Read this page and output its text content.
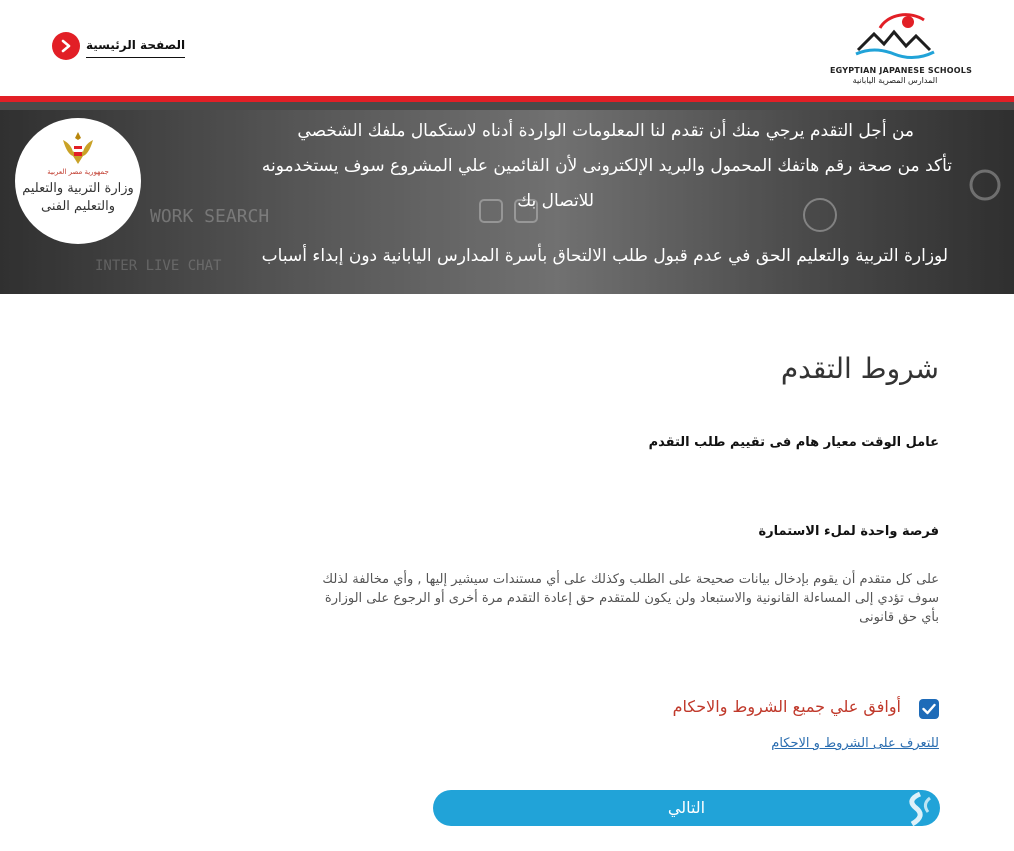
EGYPTIAN JAPANESE SCHOOLS
المدارس المصرية اليابانية
الصفحة الرئيسية
WORK SEARCH
INTER LIVE CHAT
من أجل التقدم يرجي منك أن تقدم لنا المعلومات الواردة أدناه لاستكمال ملفك الشخصي
تأكد من صحة رقم هاتفك المحمول والبريد الإلكترونى لأن القائمين علي المشروع سوف يستخدمونه
للاتصال بك
لوزارة التربية والتعليم الحق في عدم قبول طلب الالتحاق بأسرة المدارس اليابانية دون إبداء أسباب
جمهورية مصر العربية
وزارة التربية والتعليم
والتعليم الفنى
شروط التقدم
عامل الوقت معيار هام فى تقييم طلب التقدم
فرصة واحدة لملء الاستمارة
على كل متقدم أن يقوم بإدخال بيانات صحيحة على الطلب وكذلك على أي مستندات سيشير إليها , وأي مخالفة لذلك سوف تؤدي إلى المساءلة القانونية والاستبعاد ولن يكون للمتقدم حق إعادة التقدم مرة أخرى أو الرجوع على الوزارة بأي حق قانونى
أوافق علي جميع الشروط والاحكام
للتعرف على الشروط و الاحكام
التالي
